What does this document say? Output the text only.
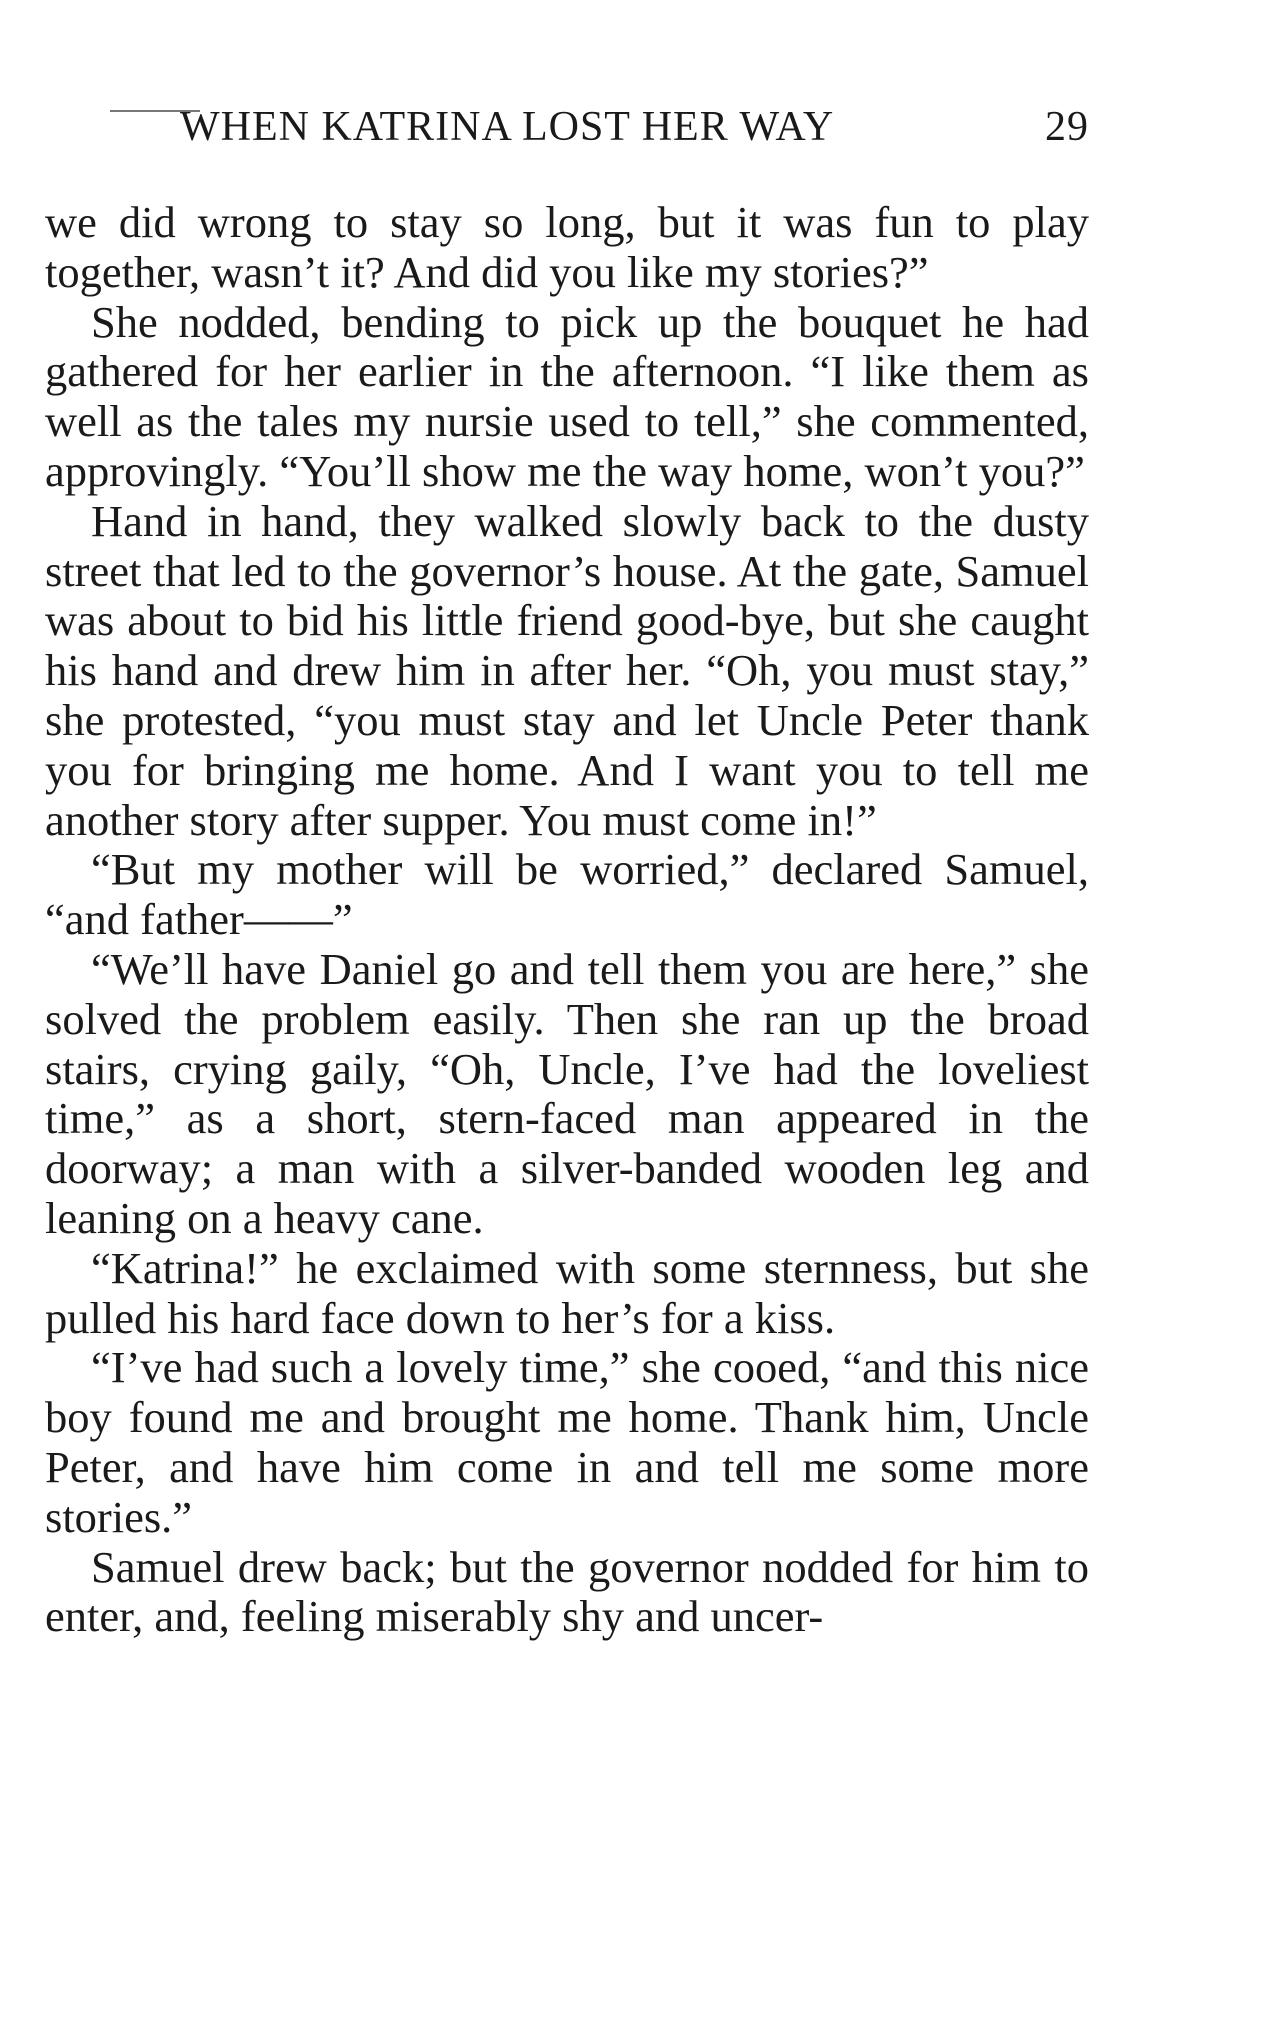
WHEN KATRINA LOST HER WAY	29

we did wrong to stay so long, but it was fun to play together, wasn’t it? And did you like my stories?”

She nodded, bending to pick up the bouquet he had gathered for her earlier in the afternoon. “I like them as well as the tales my nursie used to tell,” she commented, approvingly. “You’ll show me the way home, won’t you?”

Hand in hand, they walked slowly back to the dusty street that led to the governor’s house. At the gate, Samuel was about to bid his little friend good-bye, but she caught his hand and drew him in after her. “Oh, you must stay,” she protested, “you must stay and let Uncle Peter thank you for bringing me home. And I want you to tell me another story after supper. You must come in!”

“But my mother will be worried,” declared Samuel, “and father——”

“We’ll have Daniel go and tell them you are here,” she solved the problem easily. Then she ran up the broad stairs, crying gaily, “Oh, Uncle, I’ve had the loveliest time,” as a short, stern-faced man appeared in the doorway; a man with a silver-banded wooden leg and leaning on a heavy cane.

“Katrina!” he exclaimed with some sternness, but she pulled his hard face down to her’s for a kiss.

“I’ve had such a lovely time,” she cooed, “and this nice boy found me and brought me home. Thank him, Uncle Peter, and have him come in and tell me some more stories.”

Samuel drew back; but the governor nodded for him to enter, and, feeling miserably shy and uncer-
